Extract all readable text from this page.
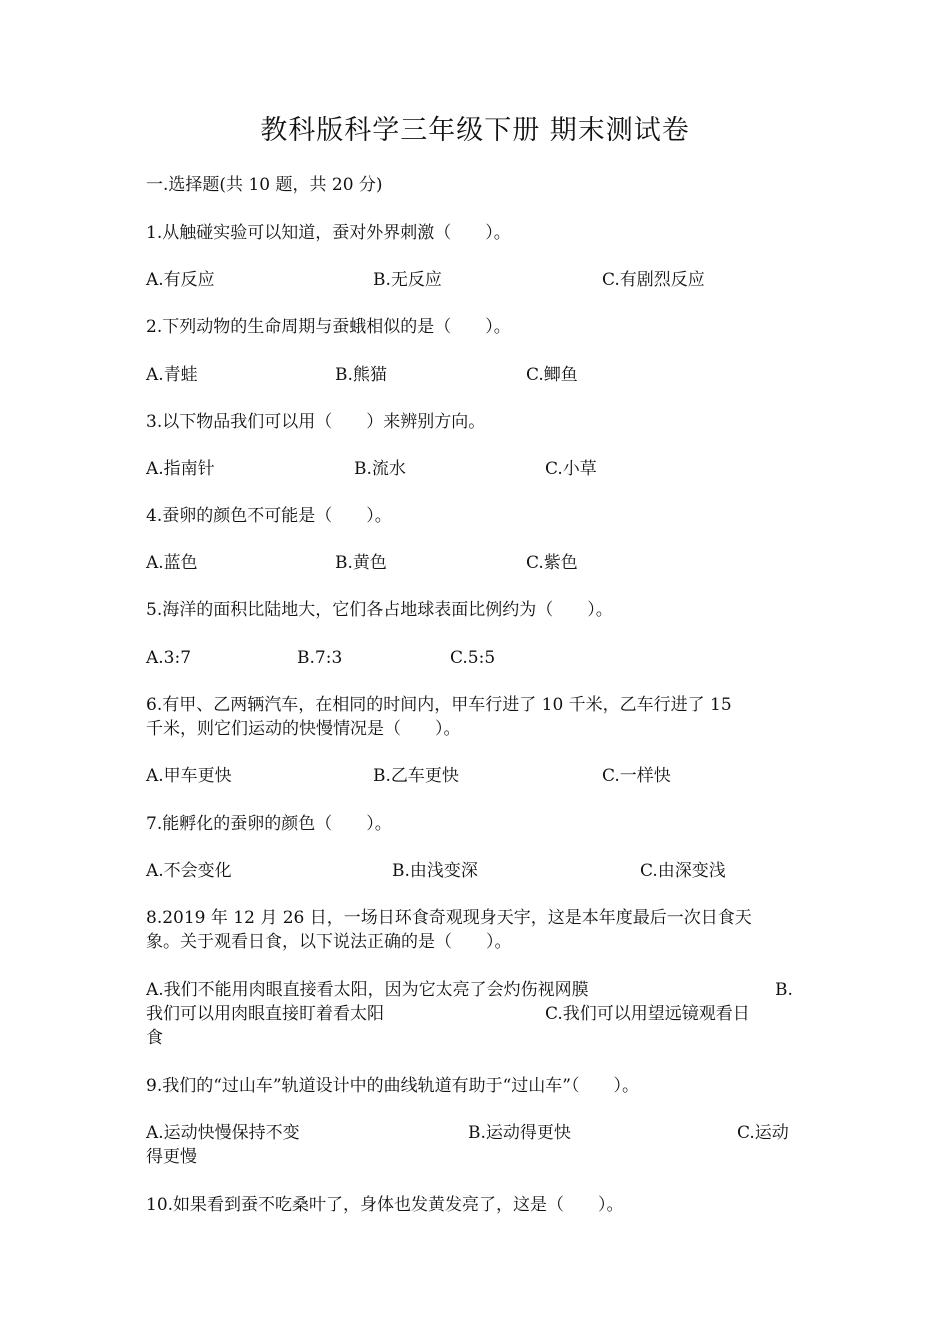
教科版科学三年级下册 期末测试卷
一.选择题(共 10 题，共 20 分)
1.从触碰实验可以知道，蚕对外界刺激（　　）。
A.有反应	B.无反应	C.有剧烈反应
2.下列动物的生命周期与蚕蛾相似的是（　　）。
A.青蛙	B.熊猫	C.鲫鱼
3.以下物品我们可以用（　　）来辨别方向。
A.指南针	B.流水	C.小草
4.蚕卵的颜色不可能是（　　）。
A.蓝色	B.黄色	C.紫色
5.海洋的面积比陆地大，它们各占地球表面比例约为（　　）。
A.3:7	B.7:3	C.5:5
6.有甲、乙两辆汽车，在相同的时间内，甲车行进了 10 千米，乙车行进了 15
千米，则它们运动的快慢情况是（　　）。
A.甲车更快	B.乙车更快	C.一样快
7.能孵化的蚕卵的颜色（　　）。
A.不会变化	B.由浅变深	C.由深变浅
8.2019 年 12 月 26 日，一场日环食奇观现身天宇，这是本年度最后一次日食天
象。关于观看日食，以下说法正确的是（　　）。
A.我们不能用肉眼直接看太阳，因为它太亮了会灼伤视网膜	B.
我们可以用肉眼直接盯着看太阳	C.我们可以用望远镜观看日
食
9.我们的“过山车”轨道设计中的曲线轨道有助于“过山车”（　　）。
A.运动快慢保持不变	B.运动得更快	C.运动
得更慢
10.如果看到蚕不吃桑叶了，身体也发黄发亮了，这是（　　）。
